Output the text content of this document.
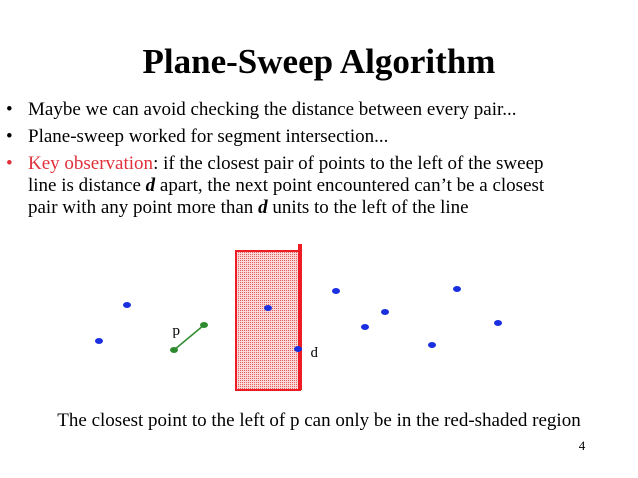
Plane-Sweep Algorithm
• Maybe we can avoid checking the distance between every pair...
• Plane-sweep worked for segment intersection...
• Key observation: if the closest pair of points to the left of the sweep
line is distance d apart, the next point encountered can’t be a closest
pair with any point more than d units to the left of the line
d
p
The closest point to the left of p can only be in the red-shaded region
4
